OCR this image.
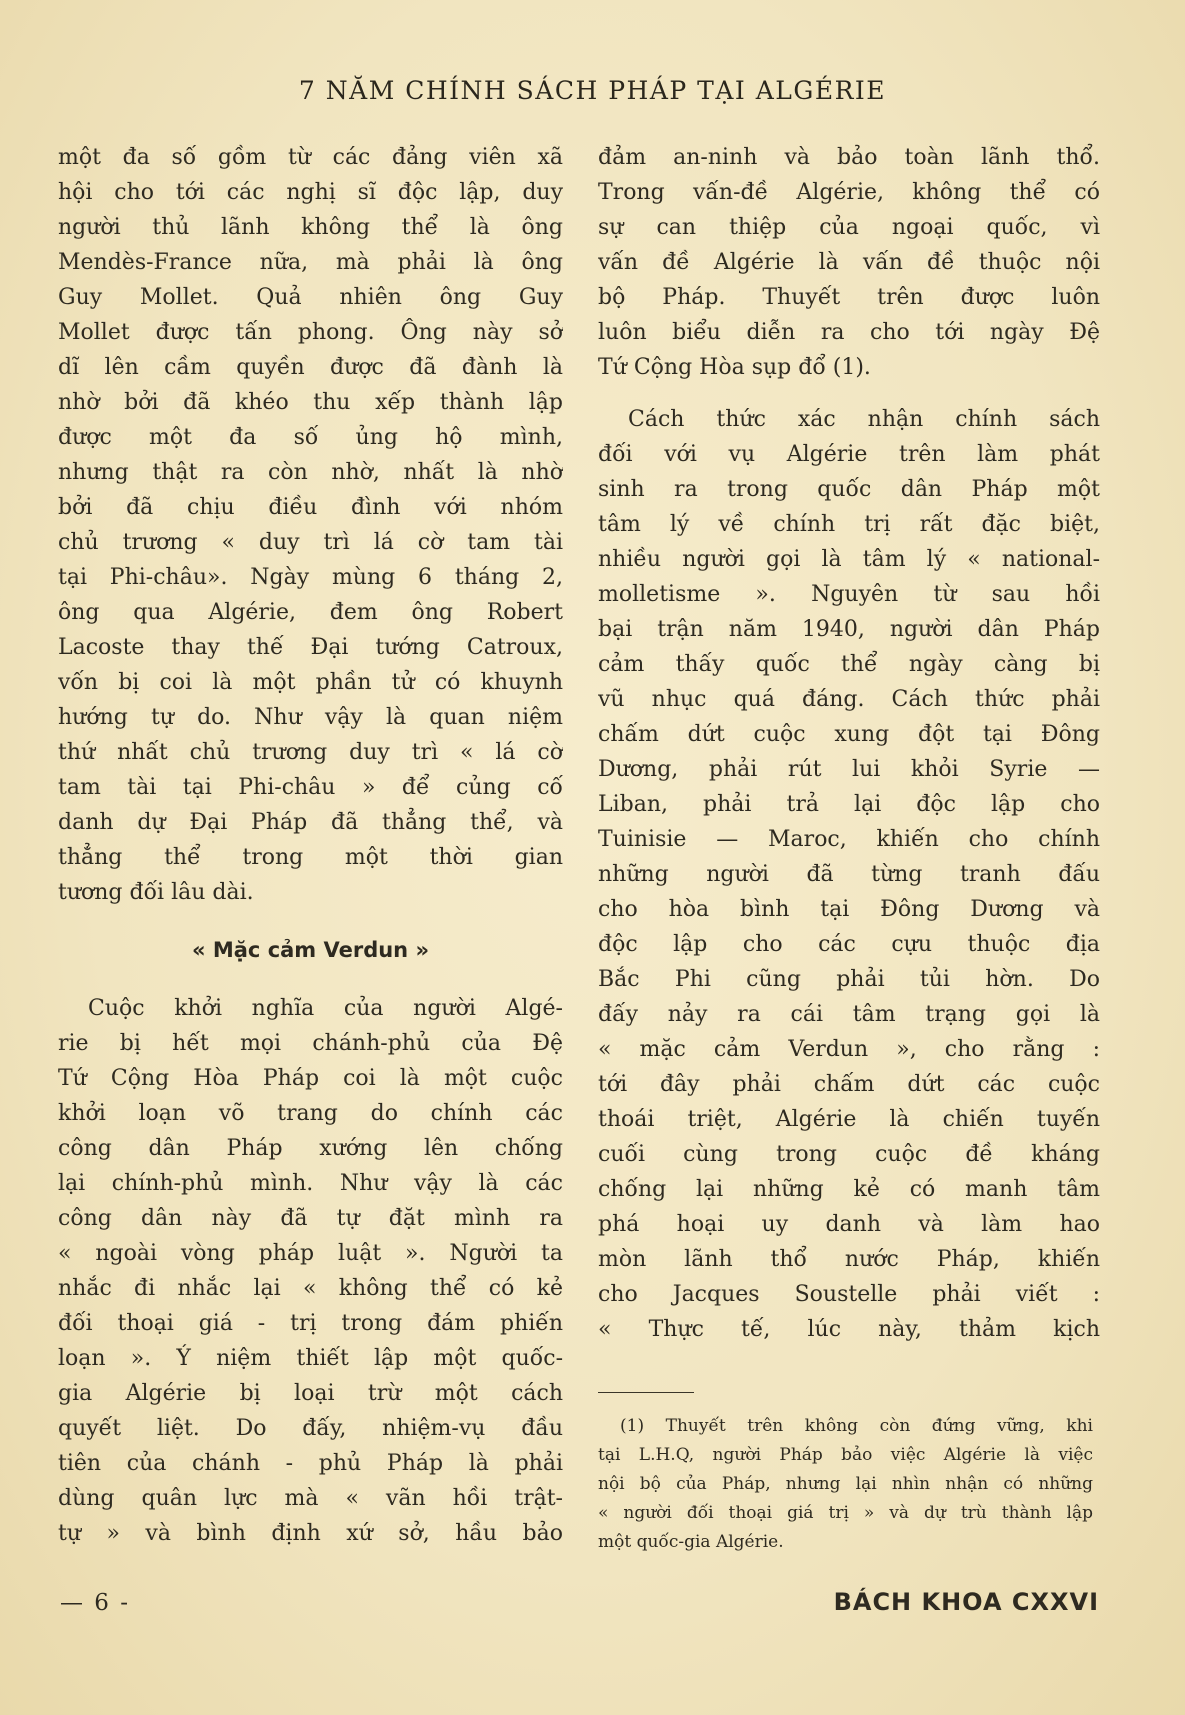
7 NĂM CHÍNH SÁCH PHÁP TẠI ALGÉRIE
một đa số gồm từ các đảng viên xã
hội cho tới các nghị sĩ độc lập, duy
người thủ lãnh không thể là ông
Mendès-France nữa, mà phải là ông
Guy Mollet. Quả nhiên ông Guy
Mollet được tấn phong. Ông này sở
dĩ lên cầm quyền được đã đành là
nhờ bởi đã khéo thu xếp thành lập
được một đa số ủng hộ mình,
nhưng thật ra còn nhờ, nhất là nhờ
bởi đã chịu điều đình với nhóm
chủ trương « duy trì lá cờ tam tài
tại Phi-châu». Ngày mùng 6 tháng 2,
ông qua Algérie, đem ông Robert
Lacoste thay thế Đại tướng Catroux,
vốn bị coi là một phần tử có khuynh
hướng tự do. Như vậy là quan niệm
thứ nhất chủ trương duy trì « lá cờ
tam tài tại Phi-châu » để củng cố
danh dự Đại Pháp đã thẳng thể, và
thẳng thể trong một thời gian
tương đối lâu dài.
« Mặc cảm Verdun »
Cuộc khởi nghĩa của người Algé-
rie bị hết mọi chánh-phủ của Đệ
Tứ Cộng Hòa Pháp coi là một cuộc
khởi loạn võ trang do chính các
công dân Pháp xướng lên chống
lại chính-phủ mình. Như vậy là các
công dân này đã tự đặt mình ra
« ngoài vòng pháp luật ». Người ta
nhắc đi nhắc lại « không thể có kẻ
đối thoại giá - trị trong đám phiến
loạn ». Ý niệm thiết lập một quốc-
gia Algérie bị loại trừ một cách
quyết liệt. Do đấy, nhiệm-vụ đầu
tiên của chánh - phủ Pháp là phải
dùng quân lực mà « vãn hồi trật-
tự » và bình định xứ sở, hầu bảo
đảm an-ninh và bảo toàn lãnh thổ.
Trong vấn-đề Algérie, không thể có
sự can thiệp của ngoại quốc, vì
vấn đề Algérie là vấn đề thuộc nội
bộ Pháp. Thuyết trên được luôn
luôn biểu diễn ra cho tới ngày Đệ
Tứ Cộng Hòa sụp đổ (1).
Cách thức xác nhận chính sách
đối với vụ Algérie trên làm phát
sinh ra trong quốc dân Pháp một
tâm lý về chính trị rất đặc biệt,
nhiều người gọi là tâm lý « national-
molletisme ». Nguyên từ sau hồi
bại trận năm 1940, người dân Pháp
cảm thấy quốc thể ngày càng bị
vũ nhục quá đáng. Cách thức phải
chấm dứt cuộc xung đột tại Đông
Dương, phải rút lui khỏi Syrie —
Liban, phải trả lại độc lập cho
Tuinisie — Maroc, khiến cho chính
những người đã từng tranh đấu
cho hòa bình tại Đông Dương và
độc lập cho các cựu thuộc địa
Bắc Phi cũng phải tủi hờn. Do
đấy nảy ra cái tâm trạng gọi là
« mặc cảm Verdun », cho rằng :
tới đây phải chấm dứt các cuộc
thoái triệt, Algérie là chiến tuyến
cuối cùng trong cuộc đề kháng
chống lại những kẻ có manh tâm
phá hoại uy danh và làm hao
mòn lãnh thổ nước Pháp, khiến
cho Jacques Soustelle phải viết :
« Thực tế, lúc này, thảm kịch
(1) Thuyết trên không còn đứng vững, khi
tại L.H.Q, người Pháp bảo việc Algérie là việc
nội bộ của Pháp, nhưng lại nhìn nhận có những
« người đối thoại giá trị » và dự trù thành lập
một quốc-gia Algérie.
— 6 -	BÁCH KHOA CXXVI
